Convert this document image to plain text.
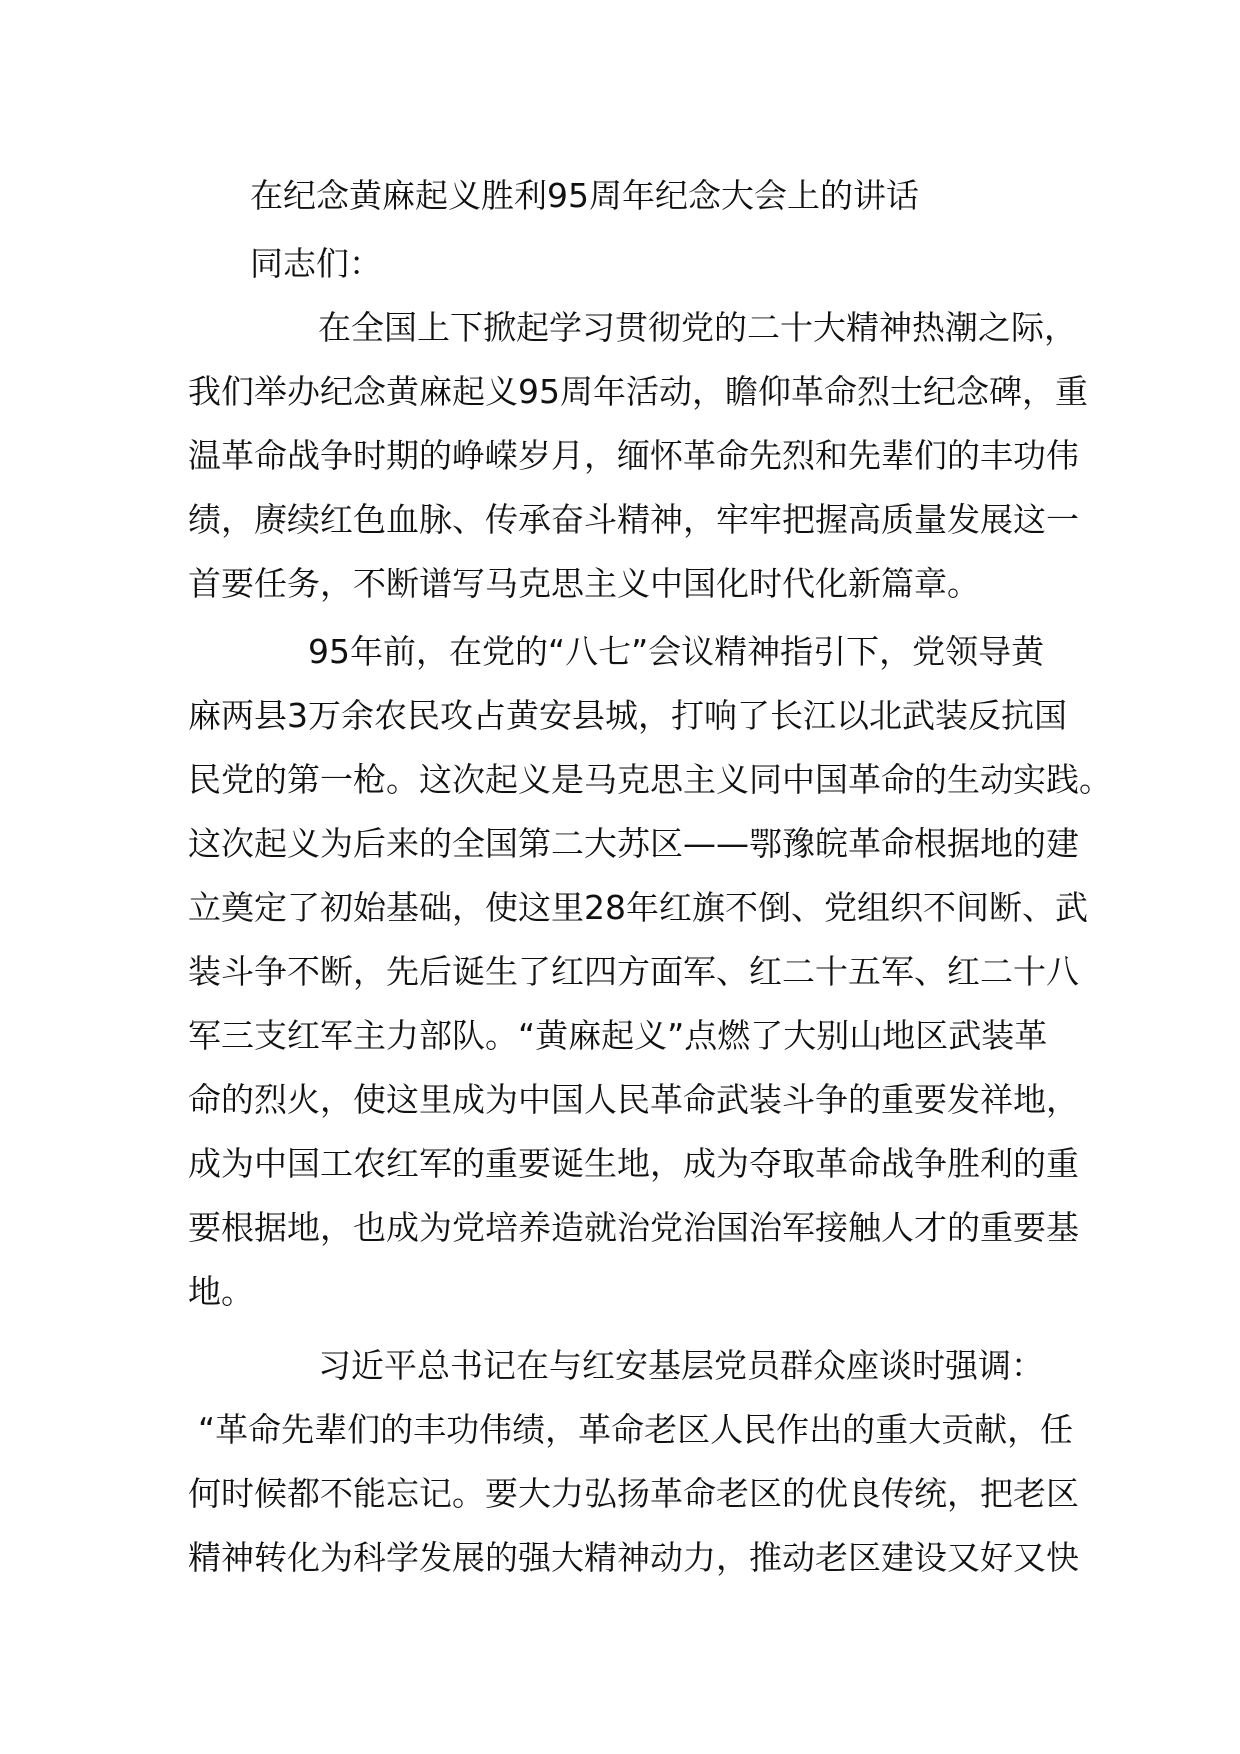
在纪念黄麻起义胜利95周年纪念大会上的讲话
同志们：
在全国上下掀起学习贯彻党的二十大精神热潮之际，
我们举办纪念黄麻起义95周年活动，瞻仰革命烈士纪念碑，重
温革命战争时期的峥嵘岁月，缅怀革命先烈和先辈们的丰功伟
绩，赓续红色血脉、传承奋斗精神，牢牢把握高质量发展这一
首要任务，不断谱写马克思主义中国化时代化新篇章。
95年前，在党的“八七”会议精神指引下，党领导黄
麻两县3万余农民攻占黄安县城，打响了长江以北武装反抗国
民党的第一枪。这次起义是马克思主义同中国革命的生动实践。
这次起义为后来的全国第二大苏区——鄂豫皖革命根据地的建
立奠定了初始基础，使这里28年红旗不倒、党组织不间断、武
装斗争不断，先后诞生了红四方面军、红二十五军、红二十八
军三支红军主力部队。“黄麻起义”点燃了大别山地区武装革
命的烈火，使这里成为中国人民革命武装斗争的重要发祥地，
成为中国工农红军的重要诞生地，成为夺取革命战争胜利的重
要根据地，也成为党培养造就治党治国治军接触人才的重要基
地。
习近平总书记在与红安基层党员群众座谈时强调：
“革命先辈们的丰功伟绩，革命老区人民作出的重大贡献，任
何时候都不能忘记。要大力弘扬革命老区的优良传统，把老区
精神转化为科学发展的强大精神动力，推动老区建设又好又快
